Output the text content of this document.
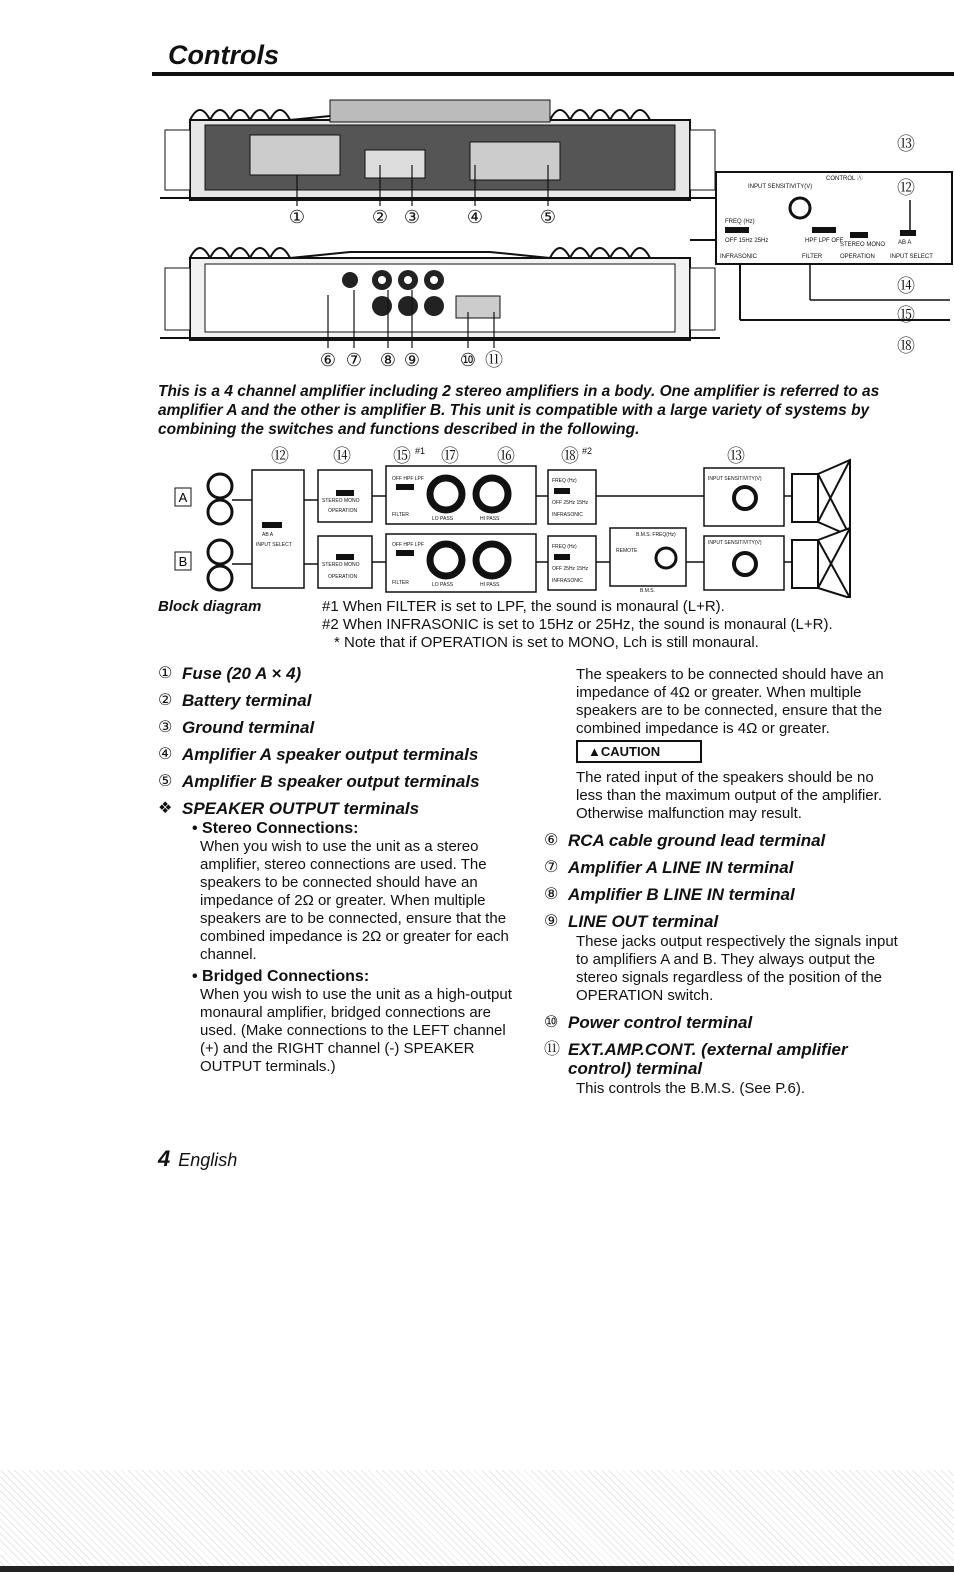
Controls
①	② ③	④	⑤
⑥ ⑦ ⑧ ⑨ ⑩ ⑪
CONTROL Ⓐ
INPUT SENSITIVITY(V)
FREQ (Hz)
OFF 15Hz 25Hz
INFRASONIC
HPF LPF OFF
FILTER
STEREO MONO
OPERATION
AB A
INPUT SELECT
⑬
⑫
⑭
⑮
⑱
This is a 4 channel amplifier including 2 stereo amplifiers in a body. One amplifier is referred to as amplifier A and the other is amplifier B. This unit is compatible with a large variety of systems by combining the switches and functions described in the following.
⑫ ⑭ ⑮ ⑰ ⑯	⑱	⑬
#1	#2
A
B
AB A
INPUT SELECT
STEREO MONO
OPERATION
STEREO MONO
OPERATION
OFF HPF LPF
FILTER
OFF HPF LPF
FILTER
LO PASS	HI PASS
LO PASS	HI PASS
FREQ (Hz)
OFF 25Hz 15Hz
INFRASONIC
FREQ (Hz)
OFF 25Hz 15Hz
INFRASONIC
INPUT SENSITIVITY(V)
INPUT SENSITIVITY(V)
B.M.S. FREQ(Hz)
REMOTE
B.M.S.
Block diagram	#1 When FILTER is set to LPF, the sound is monaural (L+R).
#2 When INFRASONIC is set to 15Hz or 25Hz, the sound is monaural (L+R).
* Note that if OPERATION is set to MONO, Lch is still monaural.
① Fuse (20 A × 4)
② Battery terminal
③ Ground terminal
④ Amplifier A speaker output terminals
⑤ Amplifier B speaker output terminals
❖ SPEAKER OUTPUT terminals
• Stereo Connections:
When you wish to use the unit as a stereo amplifier, stereo connections are used. The speakers to be connected should have an impedance of 2Ω or greater. When multiple speakers are to be connected, ensure that the combined impedance is 2Ω or greater for each channel.
• Bridged Connections:
When you wish to use the unit as a high-output monaural amplifier, bridged connections are used. (Make connections to the LEFT channel (+) and the RIGHT channel (-) SPEAKER OUTPUT terminals.)
The speakers to be connected should have an impedance of 4Ω or greater. When multiple speakers are to be connected, ensure that the combined impedance is 4Ω or greater.
▲CAUTION
The rated input of the speakers should be no less than the maximum output of the amplifier. Otherwise malfunction may result.
⑥ RCA cable ground lead terminal
⑦ Amplifier A LINE IN terminal
⑧ Amplifier B LINE IN terminal
⑨ LINE OUT terminal
These jacks output respectively the signals input to amplifiers A and B. They always output the stereo signals regardless of the position of the OPERATION switch.
⑩ Power control terminal
⑪ EXT.AMP.CONT. (external amplifier control) terminal
This controls the B.M.S. (See P.6).
4 English
